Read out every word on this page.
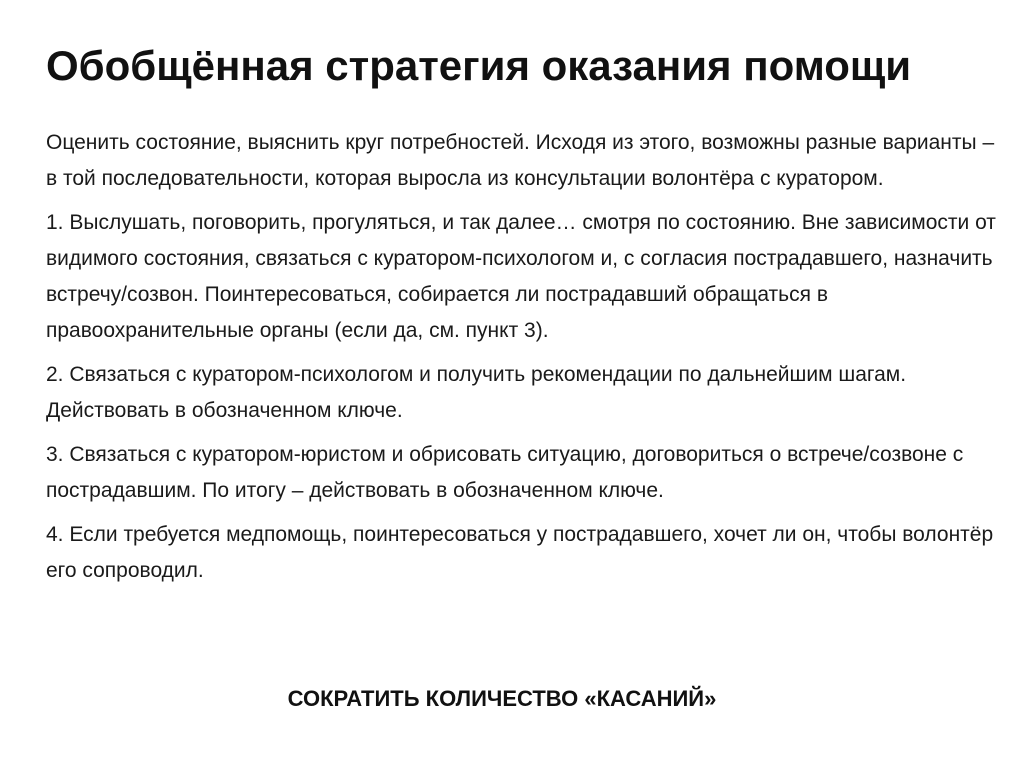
Обобщённая стратегия оказания помощи

Оценить состояние, выяснить круг потребностей. Исходя из этого, возможны разные варианты – в той последовательности, которая выросла из консультации волонтёра с куратором.

1. Выслушать, поговорить, прогуляться, и так далее… смотря по состоянию. Вне зависимости от видимого состояния, связаться с куратором-психологом и, с согласия пострадавшего, назначить встречу/созвон. Поинтересоваться, собирается ли пострадавший обращаться в правоохранительные органы (если да, см. пункт 3).

2. Связаться с куратором-психологом и получить рекомендации по дальнейшим шагам. Действовать в обозначенном ключе.

3. Связаться с куратором-юристом и обрисовать ситуацию, договориться о встрече/созвоне с пострадавшим. По итогу – действовать в обозначенном ключе.

4. Если требуется медпомощь, поинтересоваться у пострадавшего, хочет ли он, чтобы волонтёр его сопроводил.

СОКРАТИТЬ КОЛИЧЕСТВО «КАСАНИЙ»
